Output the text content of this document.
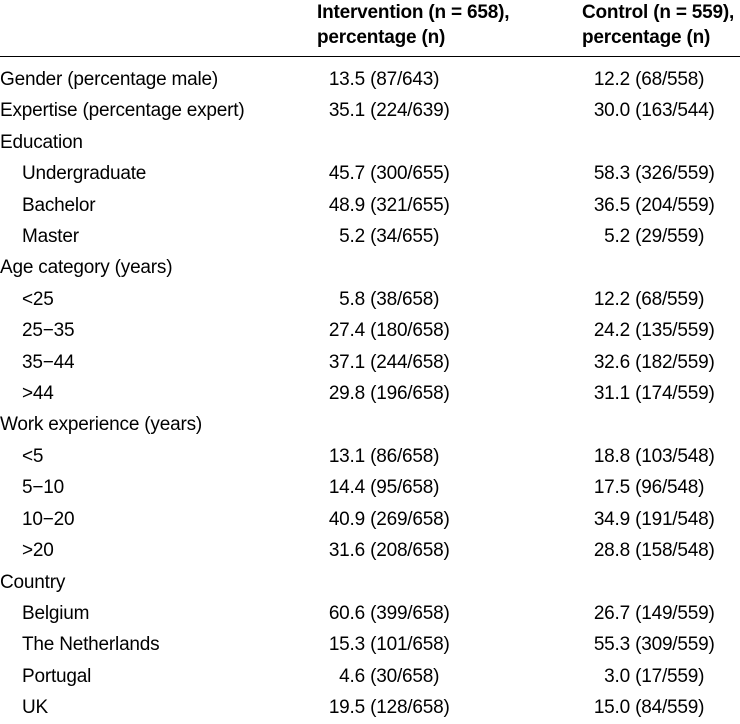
	Intervention (n = 658),
percentage (n)	Control (n = 559),
percentage (n)

Gender (percentage male)	13.5 (87/643)	12.2 (68/558)
Expertise (percentage expert)	35.1 (224/639)	30.0 (163/544)
Education		
Undergraduate	45.7 (300/655)	58.3 (326/559)
Bachelor	48.9 (321/655)	36.5 (204/559)
Master	5.2 (34/655)	5.2 (29/559)
Age category (years)		
<25	5.8 (38/658)	12.2 (68/559)
25−35	27.4 (180/658)	24.2 (135/559)
35−44	37.1 (244/658)	32.6 (182/559)
>44	29.8 (196/658)	31.1 (174/559)
Work experience (years)		
<5	13.1 (86/658)	18.8 (103/548)
5−10	14.4 (95/658)	17.5 (96/548)
10−20	40.9 (269/658)	34.9 (191/548)
>20	31.6 (208/658)	28.8 (158/548)
Country		
Belgium	60.6 (399/658)	26.7 (149/559)
The Netherlands	15.3 (101/658)	55.3 (309/559)
Portugal	4.6 (30/658)	3.0 (17/559)
UK	19.5 (128/658)	15.0 (84/559)
